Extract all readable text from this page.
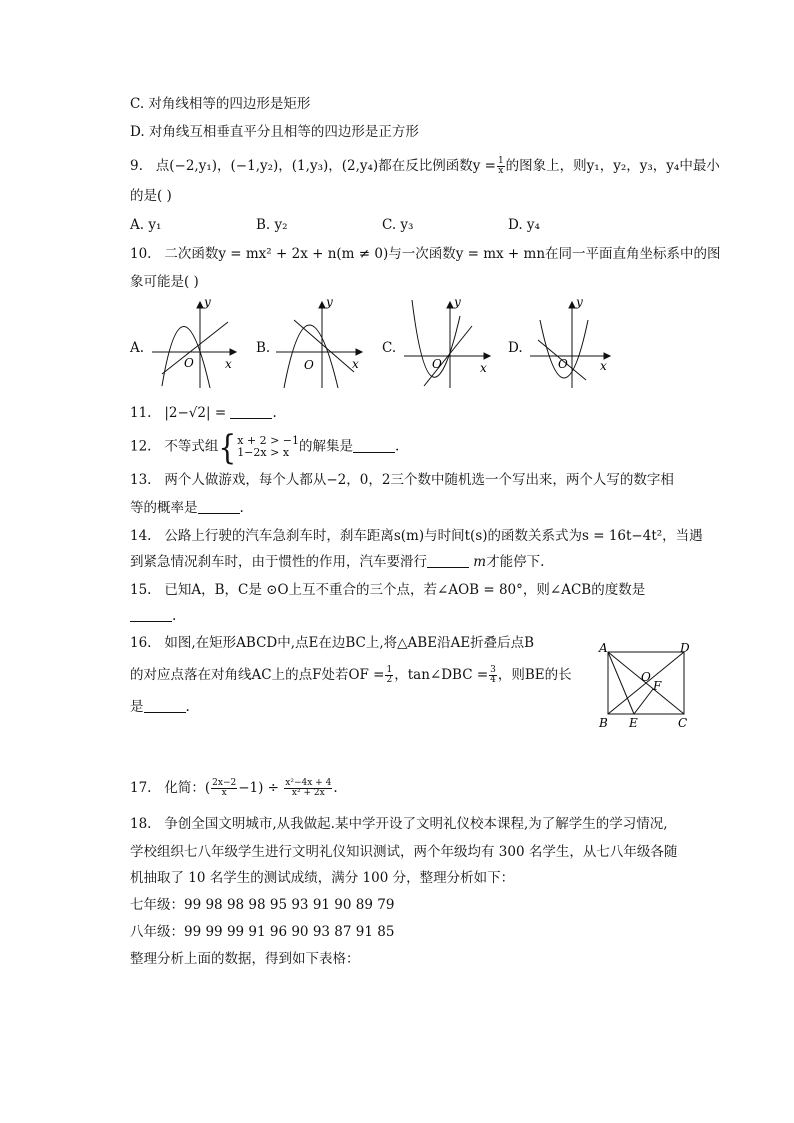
C. 对角线相等的四边形是矩形
D. 对角线互相垂直平分且相等的四边形是正方形
9. 点(−2,y₁)，(−1,y₂)，(1,y₃)，(2,y₄)都在反比例函数$y = \frac{1}{x}$ 的图象上，则y₁，y₂，y₃，y₄中最小
的是( )
A. y₁	B. y₂	C. y₃	D. y₄
10. 二次函数y = mx² + 2x + n(m ≠ 0)与一次函数y = mx + mn在同一平面直角坐标系中的图
象可能是( )
A.	B.	C.	D.
y
x
O
y
x
O
y
x
O
y
x
O
11. |2−√2| =	.
12. 不等式组{ x + 2 > −1
1−2x > x 的解集是	.
13. 两个人做游戏，每个人都从−2，0，2三个数中随机选一个写出来，两个人写的数字相
等的概率是	.
14. 公路上行驶的汽车急刹车时，刹车距离s(m)与时间t(s)的函数关系式为s = 16t−4t²，当遇
到紧急情况刹车时，由于惯性的作用，汽车要滑行	m才能停下.
15. 已知A，B，C是 ⊙O上互不重合的三个点，若∠AOB = 80°，则∠ACB的度数是
.
16. 如图,在矩形ABCD中,点E在边BC上,将△ABE沿AE折叠后点B
的对应点落在对角线AC上的点F处若OF = $\frac{1}{2}$ ，tan∠DBC = $\frac{3}{4}$ ，则BE的长
是	.
A	D
B	C
E
O
F
17. 化简：( $\frac{2x-2}{x} -1) \div \frac{\text{x²−4x + 4}}{\text{x² + 2x}}$ .
18. 争创全国文明城市,从我做起.某中学开设了文明礼仪校本课程,为了解学生的学习情况,
学校组织七八年级学生进行文明礼仪知识测试，两个年级均有 300 名学生，从七八年级各随
机抽取了 10 名学生的测试成绩，满分 100 分，整理分析如下：
七年级：99 98 98 98 95 93 91 90 89 79
八年级：99 99 99 91 96 90 93 87 91 85
整理分析上面的数据，得到如下表格：
